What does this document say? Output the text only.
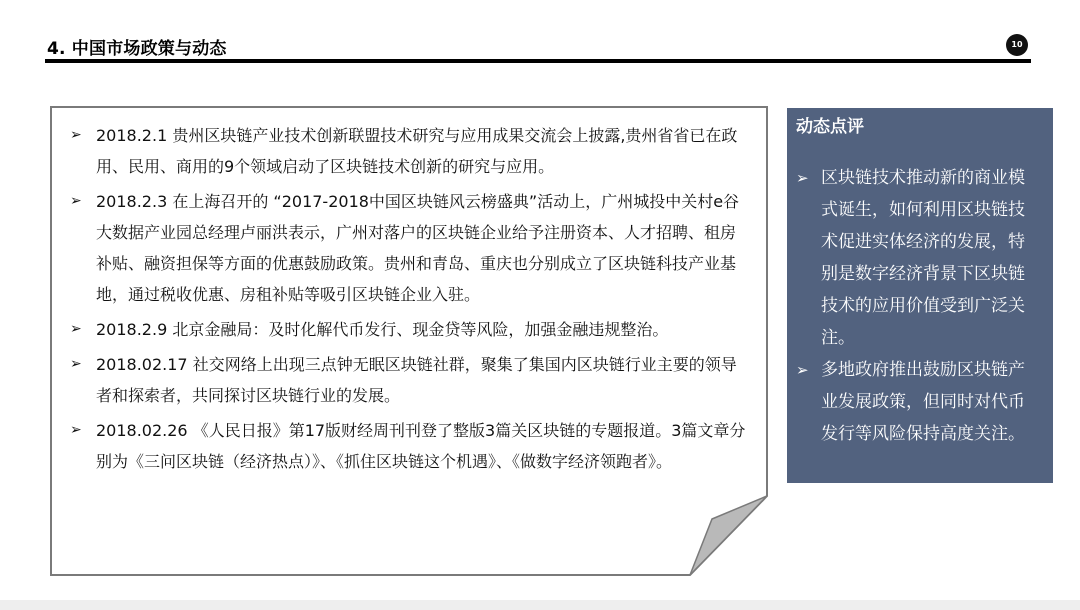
4. 中国市场政策与动态	10
➢ 2018.2.1 贵州区块链产业技术创新联盟技术研究与应用成果交流会上披露,贵州省省已在政用、民用、商用的9个领域启动了区块链技术创新的研究与应用。
➢ 2018.2.3 在上海召开的 “2017-2018中国区块链风云榜盛典”活动上，广州城投中关村e谷大数据产业园总经理卢丽洪表示，广州对落户的区块链企业给予注册资本、人才招聘、租房补贴、融资担保等方面的优惠鼓励政策。贵州和青岛、重庆也分别成立了区块链科技产业基地，通过税收优惠、房租补贴等吸引区块链企业入驻。
➢ 2018.2.9 北京金融局：及时化解代币发行、现金贷等风险，加强金融违规整治。
➢ 2018.02.17 社交网络上出现三点钟无眠区块链社群，聚集了集国内区块链行业主要的领导者和探索者，共同探讨区块链行业的发展。
➢ 2018.02.26 《人民日报》第17版财经周刊刊登了整版3篇关区块链的专题报道。3篇文章分别为《三问区块链（经济热点）》、《抓住区块链这个机遇》、《做数字经济领跑者》。
动态点评
➢ 区块链技术推动新的商业模式诞生，如何利用区块链技术促进实体经济的发展，特别是数字经济背景下区块链技术的应用价值受到广泛关注。
➢ 多地政府推出鼓励区块链产业发展政策，但同时对代币发行等风险保持高度关注。
